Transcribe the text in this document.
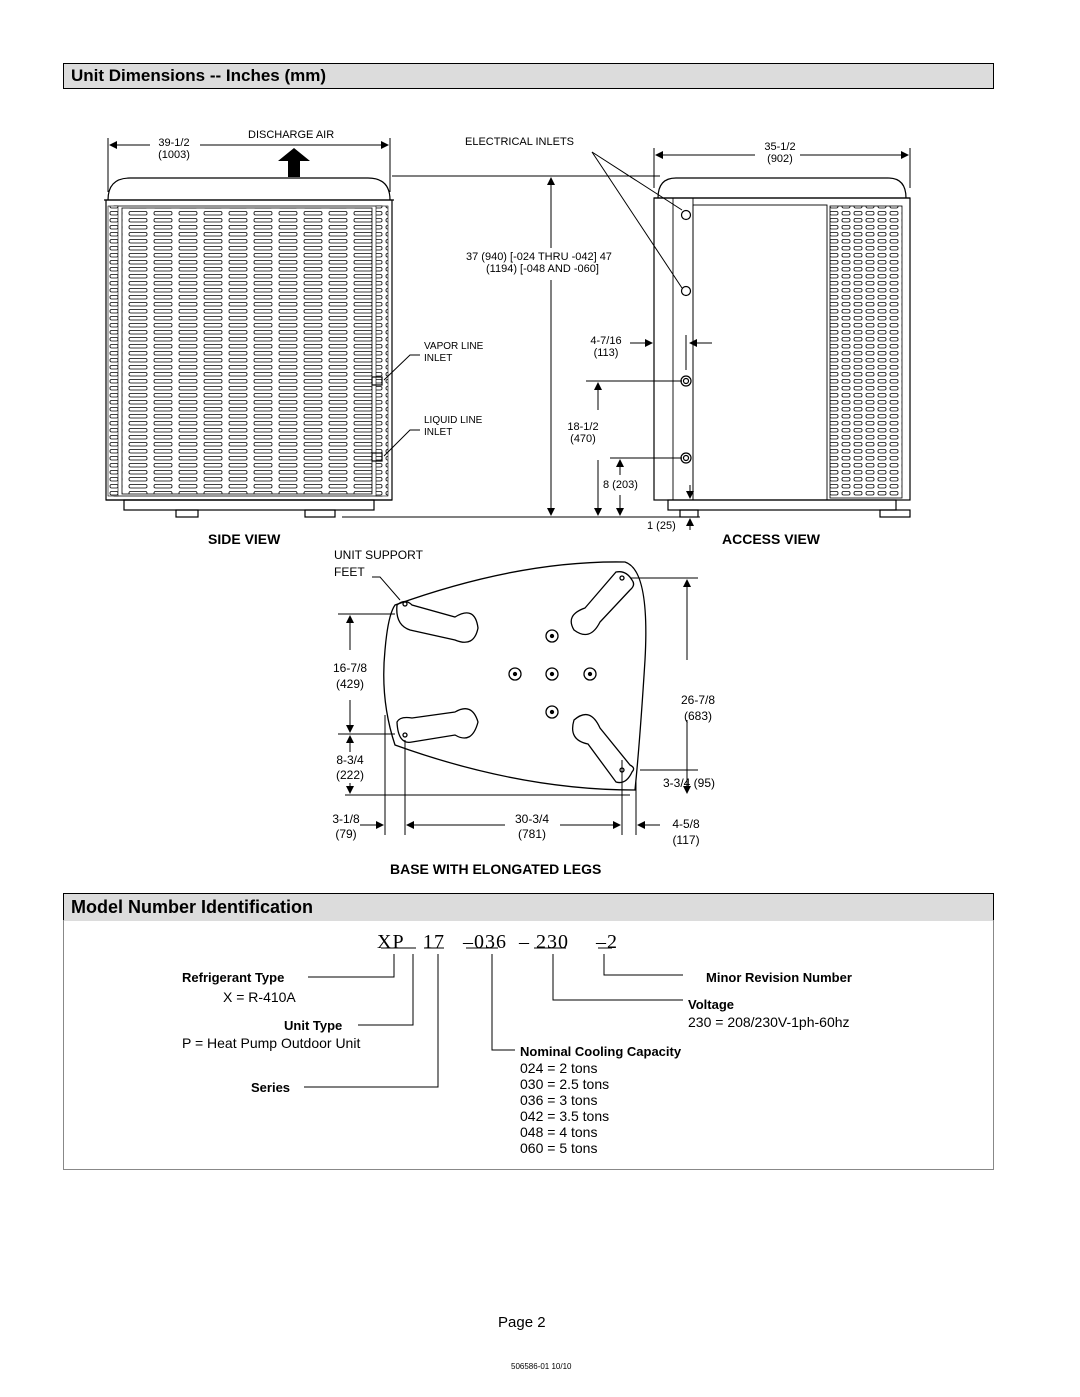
Unit Dimensions -- Inches (mm)
39-1/2
(1003)
DISCHARGE AIR
VAPOR LINE
INLET
LIQUID LINE
INLET
SIDE VIEW
ELECTRICAL INLETS	35-1/2
(902)
37 (940) [-024 THRU -042] 47
(1194) [-048 AND -060]
4-7/16
(113)
18-1/2
(470)
8 (203)
1 (25)
ACCESS VIEW
UNIT SUPPORT
FEET
16-7/8
(429)
8-3/4
(222)
3-1/8
(79)
30-3/4
(781)
26-7/8
(683)
3-3/4 (95)
4-5/8
(117)
BASE WITH ELONGATED LEGS
Model Number Identification
XP 17 –036 – 230 –2
Refrigerant Type
X = R-410A
Unit Type
P = Heat Pump Outdoor Unit
Series
Minor Revision Number
Voltage
230 = 208/230V-1ph-60hz
Nominal Cooling Capacity
024 = 2 tons
030 = 2.5 tons
036 = 3 tons
042 = 3.5 tons
048 = 4 tons
060 = 5 tons
Page 2
506586-01 10/10
